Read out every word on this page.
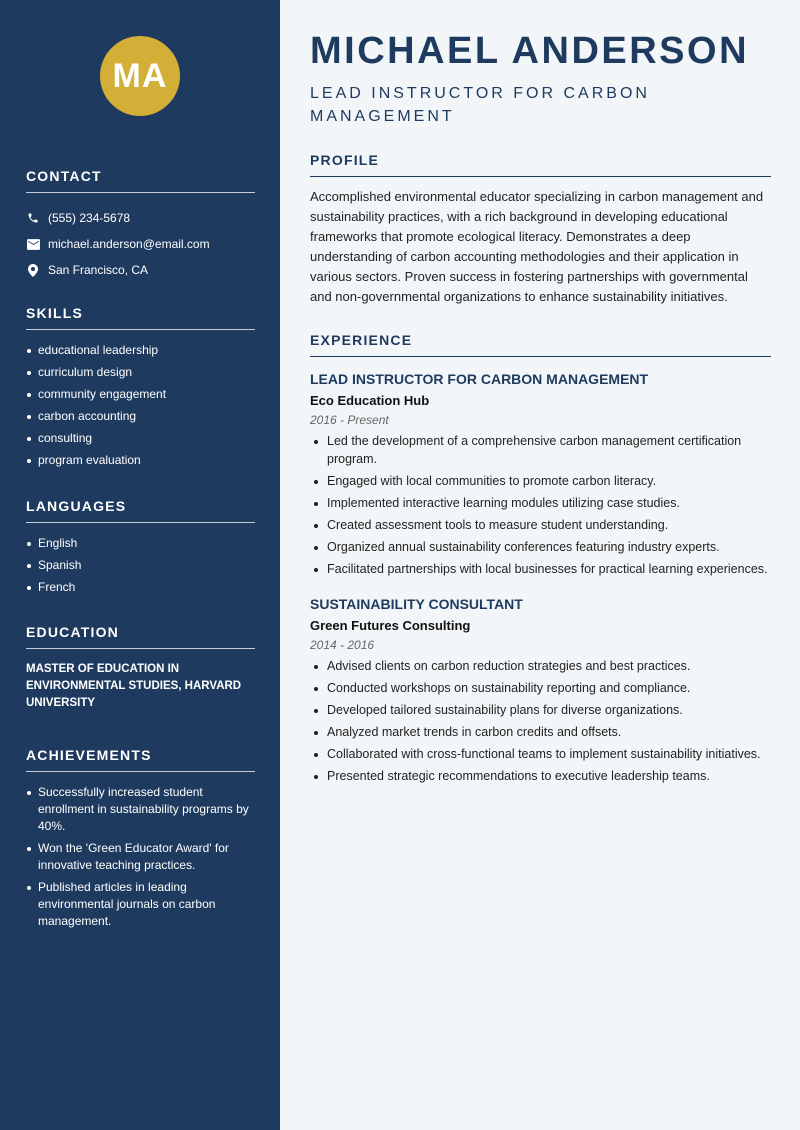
MA
CONTACT
(555) 234-5678
michael.anderson@email.com
San Francisco, CA
SKILLS
educational leadership
curriculum design
community engagement
carbon accounting
consulting
program evaluation
LANGUAGES
English
Spanish
French
EDUCATION
MASTER OF EDUCATION IN ENVIRONMENTAL STUDIES, HARVARD UNIVERSITY
ACHIEVEMENTS
Successfully increased student enrollment in sustainability programs by 40%.
Won the 'Green Educator Award' for innovative teaching practices.
Published articles in leading environmental journals on carbon management.
MICHAEL ANDERSON
LEAD INSTRUCTOR FOR CARBON MANAGEMENT
PROFILE

Accomplished environmental educator specializing in carbon management and sustainability practices, with a rich background in developing educational frameworks that promote ecological literacy. Demonstrates a deep understanding of carbon accounting methodologies and their application in various sectors. Proven success in fostering partnerships with governmental and non-governmental organizations to enhance sustainability initiatives.

EXPERIENCE
LEAD INSTRUCTOR FOR CARBON MANAGEMENT
Eco Education Hub
2016 - Present
Led the development of a comprehensive carbon management certification program.
Engaged with local communities to promote carbon literacy.
Implemented interactive learning modules utilizing case studies.
Created assessment tools to measure student understanding.
Organized annual sustainability conferences featuring industry experts.
Facilitated partnerships with local businesses for practical learning experiences.
SUSTAINABILITY CONSULTANT
Green Futures Consulting
2014 - 2016
Advised clients on carbon reduction strategies and best practices.
Conducted workshops on sustainability reporting and compliance.
Developed tailored sustainability plans for diverse organizations.
Analyzed market trends in carbon credits and offsets.
Collaborated with cross-functional teams to implement sustainability initiatives.
Presented strategic recommendations to executive leadership teams.
